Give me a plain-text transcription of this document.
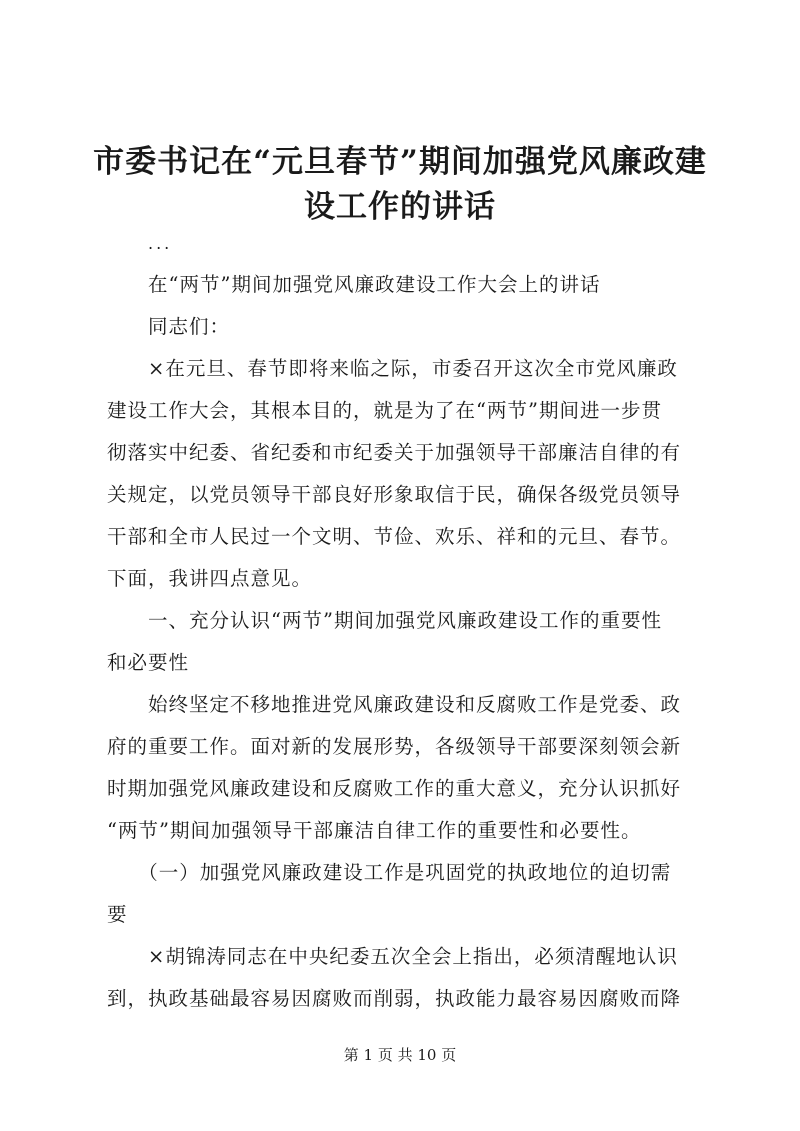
市委书记在“元旦春节”期间加强党风廉政建
设工作的讲话
...
　　在“两节”期间加强党风廉政建设工作大会上的讲话
　　同志们：
　　×在元旦、春节即将来临之际，市委召开这次全市党风廉政
建设工作大会，其根本目的，就是为了在“两节”期间进一步贯
彻落实中纪委、省纪委和市纪委关于加强领导干部廉洁自律的有
关规定，以党员领导干部良好形象取信于民，确保各级党员领导
干部和全市人民过一个文明、节俭、欢乐、祥和的元旦、春节。
下面，我讲四点意见。
　　一、充分认识“两节”期间加强党风廉政建设工作的重要性
和必要性
　　始终坚定不移地推进党风廉政建设和反腐败工作是党委、政
府的重要工作。面对新的发展形势，各级领导干部要深刻领会新
时期加强党风廉政建设和反腐败工作的重大意义，充分认识抓好
“两节”期间加强领导干部廉洁自律工作的重要性和必要性。
　　（一）加强党风廉政建设工作是巩固党的执政地位的迫切需
要
　　×胡锦涛同志在中央纪委五次全会上指出，必须清醒地认识
到，执政基础最容易因腐败而削弱，执政能力最容易因腐败而降
第 1 页 共 10 页
